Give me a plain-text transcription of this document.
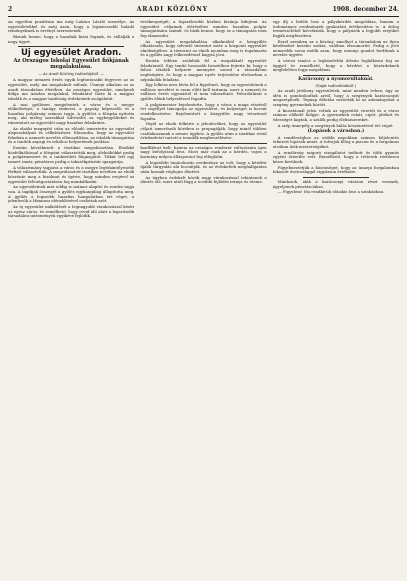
2	ARADI KÖZLÖNY	1908. december 24.

Az egyetlen pozitívum ma még Lukács László személye. Az egyesületekkel és még azon, hogy a legmesszebb haladó reményeknek is érvényt szerezzenek.

Bízunk benne, hogy a hazafiak bízni fognak, és vállalják a nagy ügyet.

Uj egyesület Aradon.
Az Országos Iskolai Egyesület fiókjának megalakulása.
— Az Aradi Közlöny tudósítójától. —

A magyar nemzeti érzés egyik legfontosabb fegyvere az az egyesület, mely ma megalakult nálunk. Ünnepi alkalom ez az aradi társadalom életében. Az országos egyesület, amelynek fiókja ma Aradon megalakul, feladatául tűzte ki a magyar iskolák és a magyar tanítóság érdekeinek szolgálatát.

A mai gyűlésen megjelentek a város és a megye előkelőségei, a tanügy emberei, a papság képviselői és a hazafias polgárság számos tagja. A gyűlést a főispán nyitotta meg, aki meleg szavakkal üdvözölte az egybegyűlteket és rámutatott az egyesület nagy hazafias feladatára.

Az elnöki megnyitó után az előadó ismertette az egyesület alapszabályait és célkitűzéseit. Elmondta, hogy az egyesület feladata a nemzeti nevelés előmozdítása, az iskolák támogatása és a tanítók anyagi és erkölcsi helyzetének javítása.

Ezután következett a tisztikar megválasztása. Elnökké közfelkiáltással a főispánt választották meg, alelnökökké pedig a polgármestert és a tankerületi főigazgatót. Titkár lett egy ismert tanár, pénztáros pedig a takarékpénztár igazgatója.

A választmány tagjaivá a város és a megye legtekintélyesebb férfiait választották. A megválasztott tisztikar nevében az elnök köszönte meg a bizalmat és ígérte, hogy minden erejével az egyesület felvirágoztatásán fog munkálkodni.

Az egyesületnek már eddig is számos alapító és rendes tagja van. A tagdíjak összegét a gyűlés egyhangúlag állapította meg. A gyűlés a legszebb hazafias hangulatban ért véget, a jelenlevők a Himnusz eléneklésével oszlottak szét.

Az új egyesület működését a legnagyobb várakozással kíséri az egész város, és remélhető, hogy rövid idő alatt a legerősebb társadalmi intézmények egyikévé fejlődik.

tevékenységét, a legszélesebb körben kívánja kifejteni. Az egyesület céljainak eléréséhez minden hazafias polgár támogatására számít, és bízik benne, hogy ez a támogatás nem fog elmaradni.

Az egyesület megalakulása alkalmából a közgyűlés elhatározta, hogy üdvözlő táviratot intéz a központi egyesület elnökségéhez. A táviratot az elnök nyomban meg is fogalmazta és a gyűlés nagy lelkesedéssel hagyta jóvá.

Ezután többen szólaltak fel a megalakult egyesület feladatairól. Egy tanító hosszabb beszédben fejtette ki, hogy a falusi iskolák helyzete mennyire szorul a társadalom segítségére, és hogy a magyar nyelv terjesztése elsősorban a népiskolák feladata.

Egy lelkész arra hívta fel a figyelmet, hogy az egyesületnek a vallásos nevelést is szem előtt kell tartania, mert a nemzeti és vallásos érzés egymástól el nem választható. Felszólalását a gyűlés élénk helyesléssel fogadta.

A polgármester bejelentette, hogy a város a maga részéről évi segéllyel támogatja az egyesületet, és helyiséget is bocsát rendelkezésére. Bejelentését a közgyűlés nagy tetszéssel fogadta.

Végül az elnök felkérte a jelenlevőket, hogy az egyesület céljait ismerőseik körében is propagálják, hogy minél többen csatlakozzanak a nemes ügyhöz. A gyűlés után a tisztikar rövid értekezletet tartott a teendők megbeszélésére.

konfliktust kelt; hanem az országos rendszer változására igen nagy befolyással lesz. Most már csak az a kérdés, vajon a kormány milyen álláspontot fog elfoglalni.

A legutóbbi tanácskozás eredménye az volt, hogy a kérdést újabb tárgyalás alá bocsátják, és az érdekeltek meghallgatása után hoznak végleges döntést.

Az ügyben érdekelt körök nagy várakozással tekintenek a döntés elé, mert attól függ a további fejlődés iránya és üteme.

egy díj s belőle lesz a pályakérdés megoldása, hanem a tudományos eredmények gyakorlati értékesítése is. A dolog természetéből következik, hogy a pályázók a legjobb erejüket fogják megfeszíteni.

Ezzel szemben az a közöny, amellyel a társadalom az ilyen kérdéseket kezelni szokta, valóban elszomorító. Pedig a jövő nemzedék sorsa múlik azon, hogy mennyi gondot fordítunk a nevelés ügyére.

A városi tanács a legközelebbi ülésén foglalkozni fog az üggyel és remélhető, hogy a kérdést a közérdeknek megfelelően fogja megoldani.

Karácsony a nyomorultaknál.
(Saját tudósítónktól.)

Az aradi jótékony egyesületek, mint minden évben, úgy az idén is gondoskodtak arról, hogy a szegények karácsonyát megszépítsék. Tegnap délután osztották ki az adományokat a szegény gyermekek között.

A kiosztásnál jelen voltak az egyesület vezetői és a város számos előkelő hölgye. A gyermekek ruhát, cipőt, játékot és édességet kaptak, a szülők pedig élelmiszereket.

A szép ünnepély a szegények hálás köszönetével ért véget.

(Lopások a városban.)

A rendőrséghez az utóbbi napokban számos feljelentés érkezett lopások miatt. A tolvajok főleg a piacon és a forgalmas utcákon űzik mesterségüket.

A rendőrség szigorú vizsgálatot indított és több gyanús egyént őrizetbe vett. Remélhető, hogy a tettesek rövidesen kézre kerülnek.

Figyelmeztetjük a közönséget, hogy az ünnepi forgalomban fokozott óvatossággal vigyázzon értékeire.

Mindazok, akik a karácsonyi vásáron részt vesznek, ügyeljenek pénztárcáikra.

— Figyelem! Ma rendkívüli előadás lesz a színházban.
